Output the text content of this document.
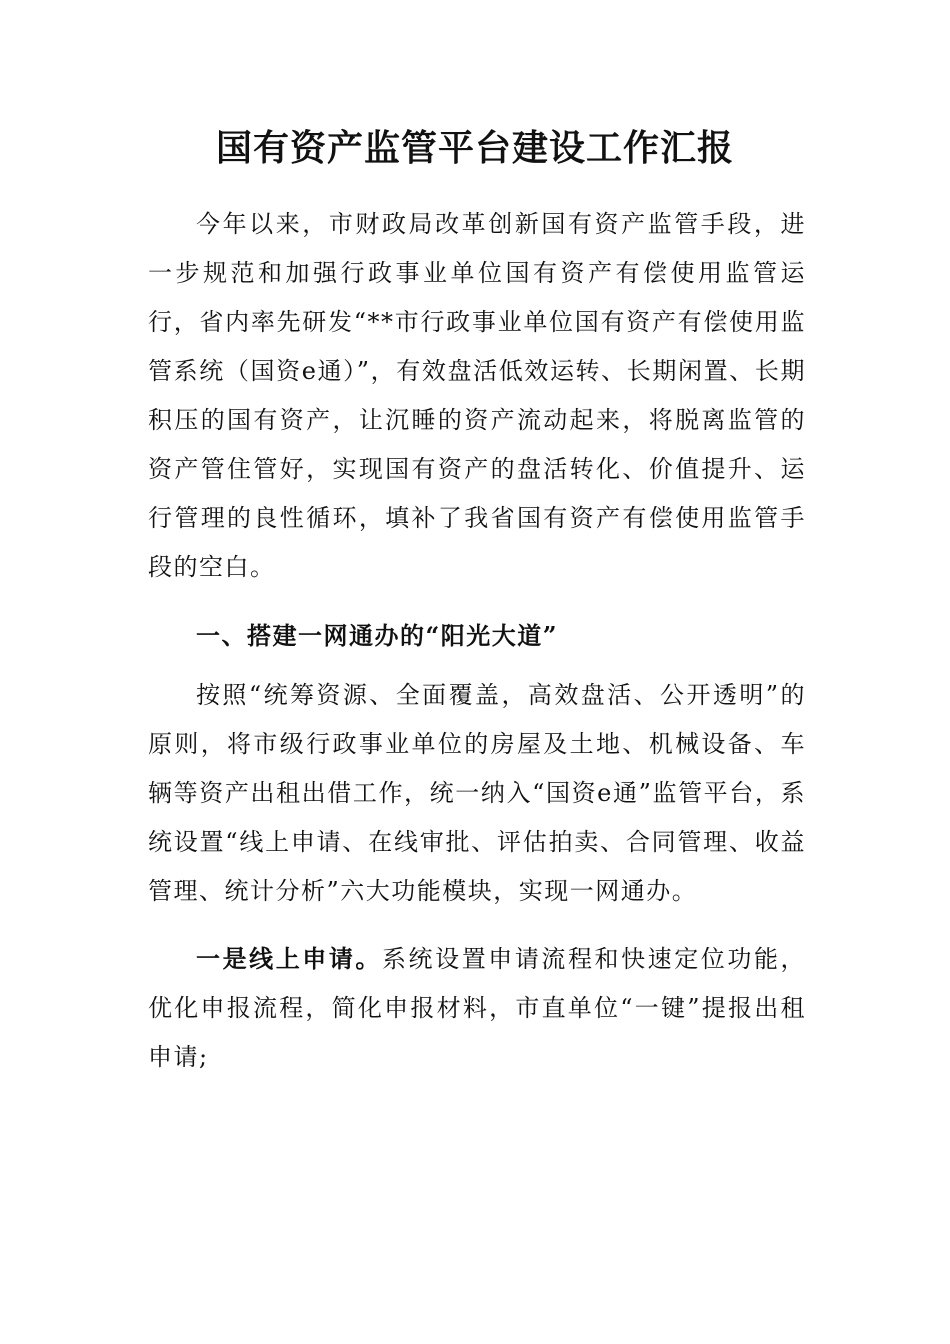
国有资产监管平台建设工作汇报

今年以来，市财政局改革创新国有资产监管手段，进一步规范和加强行政事业单位国有资产有偿使用监管运行，省内率先研发“**市行政事业单位国有资产有偿使用监管系统（国资e通）”，有效盘活低效运转、长期闲置、长期积压的国有资产，让沉睡的资产流动起来，将脱离监管的资产管住管好，实现国有资产的盘活转化、价值提升、运行管理的良性循环，填补了我省国有资产有偿使用监管手段的空白。

一、搭建一网通办的“阳光大道”

按照“统筹资源、全面覆盖，高效盘活、公开透明”的原则，将市级行政事业单位的房屋及土地、机械设备、车辆等资产出租出借工作，统一纳入“国资e通”监管平台，系统设置“线上申请、在线审批、评估拍卖、合同管理、收益管理、统计分析”六大功能模块，实现一网通办。

一是线上申请。系统设置申请流程和快速定位功能，优化申报流程，简化申报材料，市直单位“一键”提报出租申请;
